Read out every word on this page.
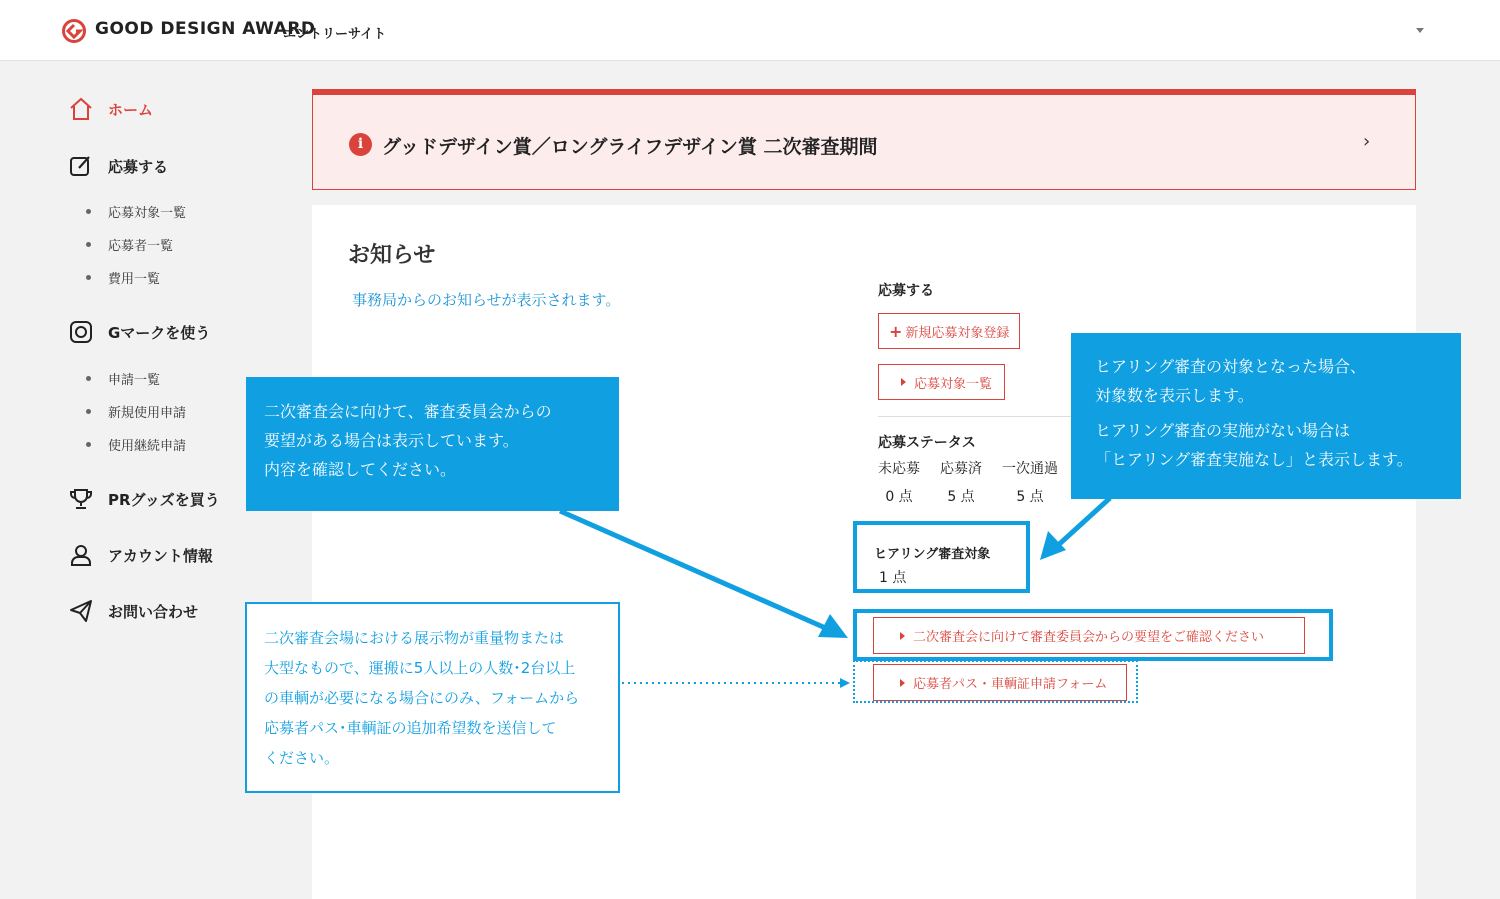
GOOD DESIGN AWARD
エントリーサイト
ホーム
応募する
応募対象一覧
応募者一覧
費用一覧
Gマークを使う
申請一覧
新規使用申請
使用継続申請
PRグッズを買う
アカウント情報
お問い合わせ
i グッドデザイン賞／ロングライフデザイン賞 二次審査期間	›
お知らせ
事務局からのお知らせが表示されます。	応募する
+ 新規応募対象登録
応募対象一覧
応募ステータス
未応募
0 点
応募済
5 点
一次通過
5 点
ヒアリング審査対象
1 点
二次審査会に向けて審査委員会からの要望をご確認ください
応募者パス・車輌証申請フォーム

二次審査会に向けて、審査委員会からの

要望がある場合は表示しています。

内容を確認してください。

ヒアリング審査の対象となった場合、

対象数を表示します。

ヒアリング審査の実施がない場合は

「ヒアリング審査実施なし」と表示します。

二次審査会場における展示物が重量物または

大型なもので、運搬に5人以上の人数･2台以上

の車輌が必要になる場合にのみ、フォームから

応募者パス･車輌証の追加希望数を送信して

ください。
